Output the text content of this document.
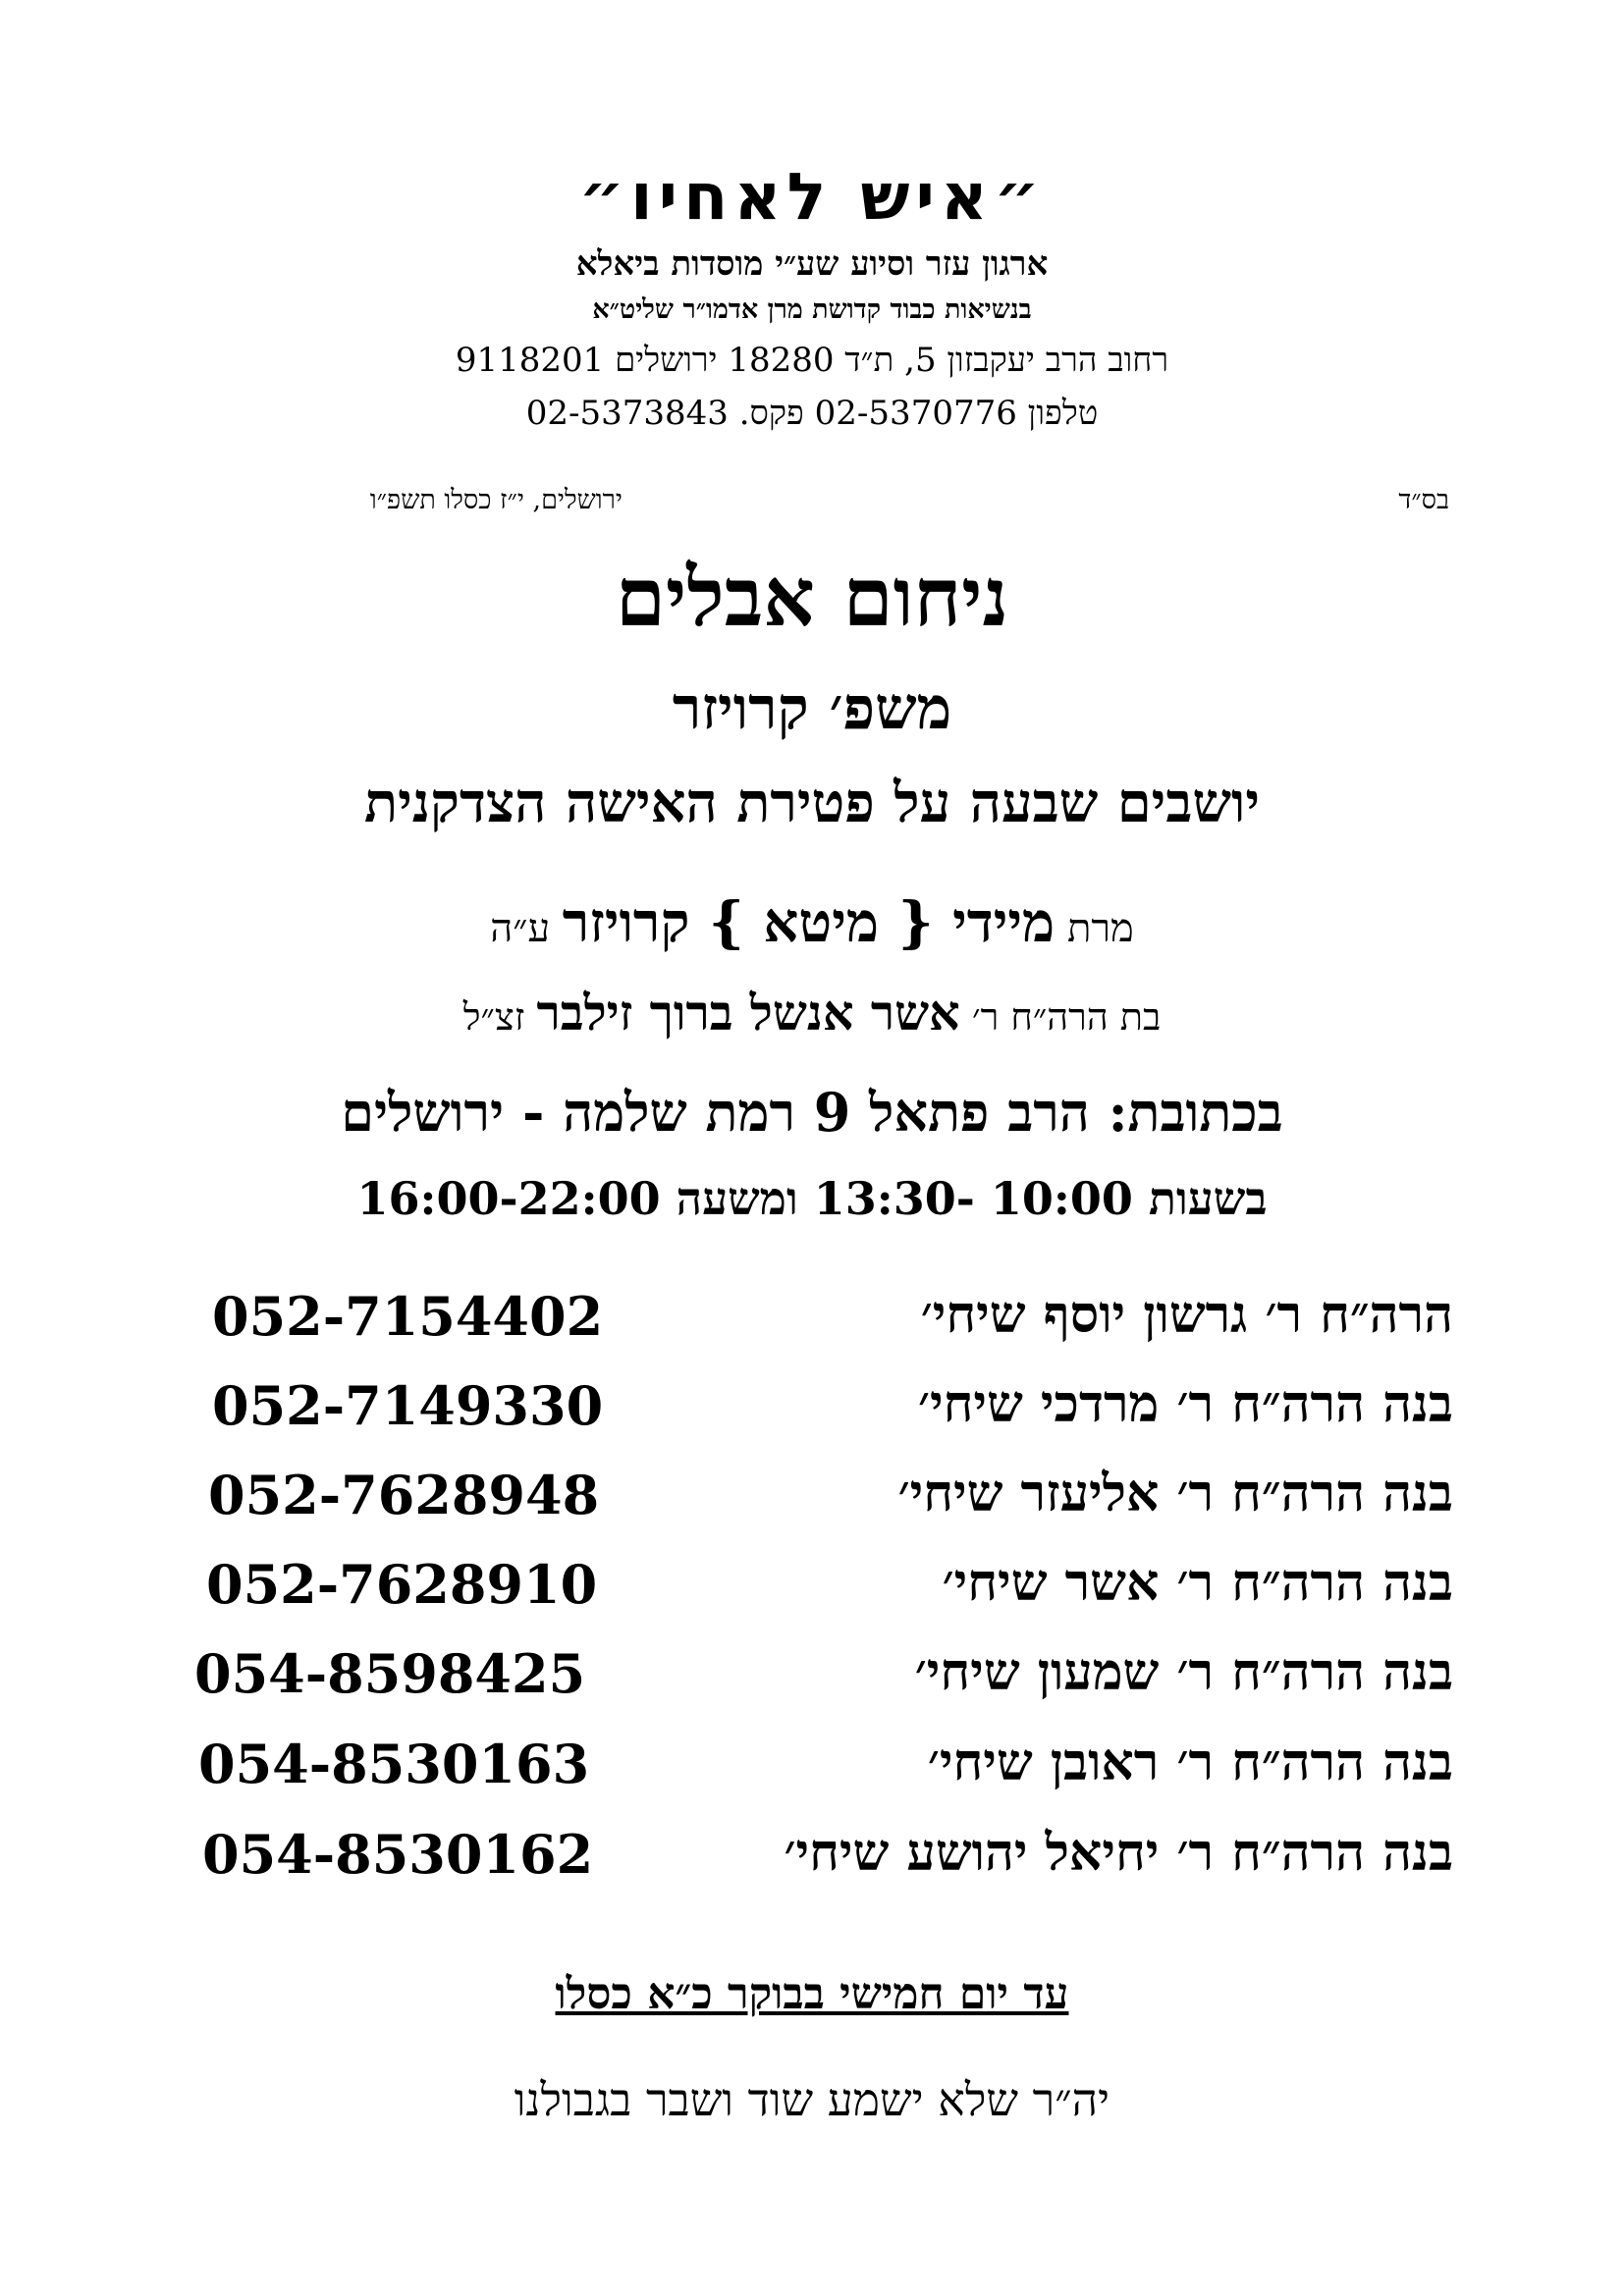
״איש לאחיו״
ארגון עזר וסיוע שע״י מוסדות ביאלא
בנשיאות כבוד קדושת מרן אדמו״ר שליט״א
רחוב הרב יעקבזון 5, ת״ד 18280 ירושלים 9118201
טלפון 02-5370776 פקס. 02-5373843
בס״ד
ירושלים, י״ז כסלו תשפ״ו
ניחום אבלים
משפ׳ קרויזר
יושבים שבעה על פטירת האישה הצדקנית
מרת מיידי { מיטא } קרויזר ע״ה
בת הרה״ח ר׳ אשר אנשל ברוך זילבר זצ״ל
בכתובת: הרב פתאל 9 רמת שלמה - ירושלים
בשעות 10:00 -13:30 ומשעה 16:00-22:00
הרה״ח ר׳ גרשון יוסף שיחי׳
052-7154402
בנה הרה״ח ר׳ מרדכי שיחי׳
052-7149330
בנה הרה״ח ר׳ אליעזר שיחי׳
052-7628948
בנה הרה״ח ר׳ אשר שיחי׳
052-7628910
בנה הרה״ח ר׳ שמעון שיחי׳
054-8598425
בנה הרה״ח ר׳ ראובן שיחי׳
054-8530163
בנה הרה״ח ר׳ יחיאל יהושע שיחי׳
054-8530162
עד יום חמישי בבוקר כ״א כסלו
יה״ר שלא ישמע שוד ושבר בגבולנו
